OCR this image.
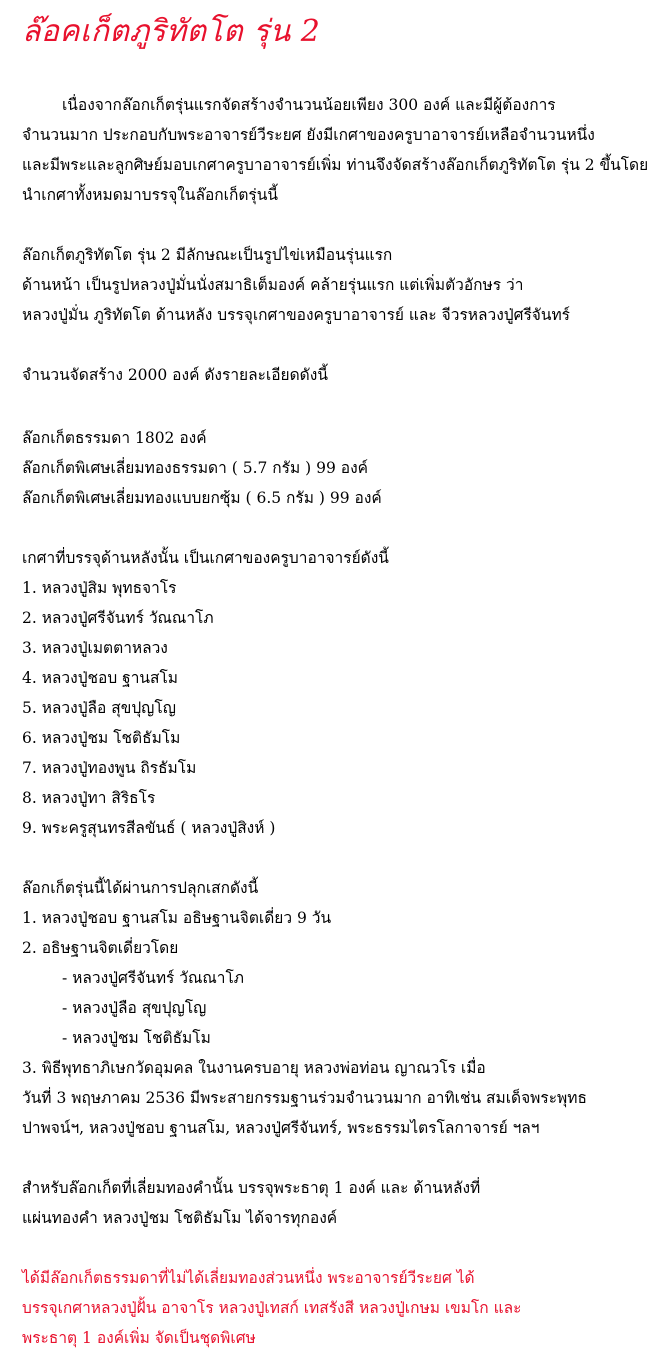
ล๊อคเก็ตภูริทัตโต รุ่น 2
เนื่องจากล๊อกเก็ตรุ่นแรกจัดสร้างจำนวนน้อยเพียง 300 องค์ และมีผู้ต้องการ
จำนวนมาก ประกอบกับพระอาจารย์วีระยศ ยังมีเกศาของครูบาอาจารย์เหลือจำนวนหนึ่ง
และมีพระและลูกศิษย์มอบเกศาครูบาอาจารย์เพิ่ม ท่านจึงจัดสร้างล๊อกเก็ตภูริทัตโต รุ่น 2 ขึ้นโดย
นำเกศาทั้งหมดมาบรรจุในล๊อกเก็ตรุ่นนี้
ล๊อกเก็ตภูริทัตโต รุ่น 2 มีลักษณะเป็นรูปไข่เหมือนรุ่นแรก
ด้านหน้า เป็นรูปหลวงปู่มั่นนั่งสมาธิเต็มองค์ คล้ายรุ่นแรก แต่เพิ่มตัวอักษร ว่า
หลวงปู่มั่น ภูริทัตโต ด้านหลัง บรรจุเกศาของครูบาอาจารย์ และ จีวรหลวงปู่ศรีจันทร์
จำนวนจัดสร้าง 2000 องค์ ดังรายละเอียดดังนี้
ล๊อกเก็ตธรรมดา 1802 องค์
ล๊อกเก็ตพิเศษเลี่ยมทองธรรมดา ( 5.7 กรัม ) 99 องค์
ล๊อกเก็ตพิเศษเลี่ยมทองแบบยกซุ้ม ( 6.5 กรัม ) 99 องค์
เกศาที่บรรจุด้านหลังนั้น เป็นเกศาของครูบาอาจารย์ดังนี้
1. หลวงปู่สิม พุทธจาโร
2. หลวงปู่ศรีจันทร์ วัณณาโภ
3. หลวงปู่เมตตาหลวง
4. หลวงปู่ชอบ ฐานสโม
5. หลวงปู่ลือ สุขปุญโญ
6. หลวงปู่ชม โชติธัมโม
7. หลวงปู่ทองพูน ถิรธัมโม
8. หลวงปู่ทา สิริธโร
9. พระครูสุนทรสีลขันธ์ ( หลวงปู่สิงห์ )
ล๊อกเก็ตรุ่นนี้ได้ผ่านการปลุกเสกดังนี้
1. หลวงปู่ชอบ ฐานสโม อธิษฐานจิตเดี่ยว 9 วัน
2. อธิษฐานจิตเดี่ยวโดย
- หลวงปู่ศรีจันทร์ วัณณาโภ
- หลวงปู่ลือ สุขปุญโญ
- หลวงปู่ชม โชติธัมโม
3. พิธีพุทธาภิเษกวัดอุมคล ในงานครบอายุ หลวงพ่อท่อน ญาณวโร เมื่อ
วันที่ 3 พฤษภาคม 2536 มีพระสายกรรมฐานร่วมจำนวนมาก อาทิเช่น สมเด็จพระพุทธ
ปาพจน์ฯ, หลวงปู่ชอบ ฐานสโม, หลวงปู่ศรีจันทร์, พระธรรมไตรโลกาจารย์ ฯลฯ
สำหรับล๊อกเก็ตที่เลี่ยมทองคำนั้น บรรจุพระธาตุ 1 องค์ และ ด้านหลังที่
แผ่นทองคำ หลวงปู่ชม โชติธัมโม ได้จารทุกองค์
ได้มีล๊อกเก็ตธรรมดาที่ไม่ได้เลี่ยมทองส่วนหนึ่ง พระอาจารย์วีระยศ ได้
บรรจุเกศาหลวงปู่ฝั้น อาจาโร หลวงปู่เทสก์ เทสรังสี หลวงปู่เกษม เขมโก และ
พระธาตุ 1 องค์เพิ่ม จัดเป็นชุดพิเศษ
